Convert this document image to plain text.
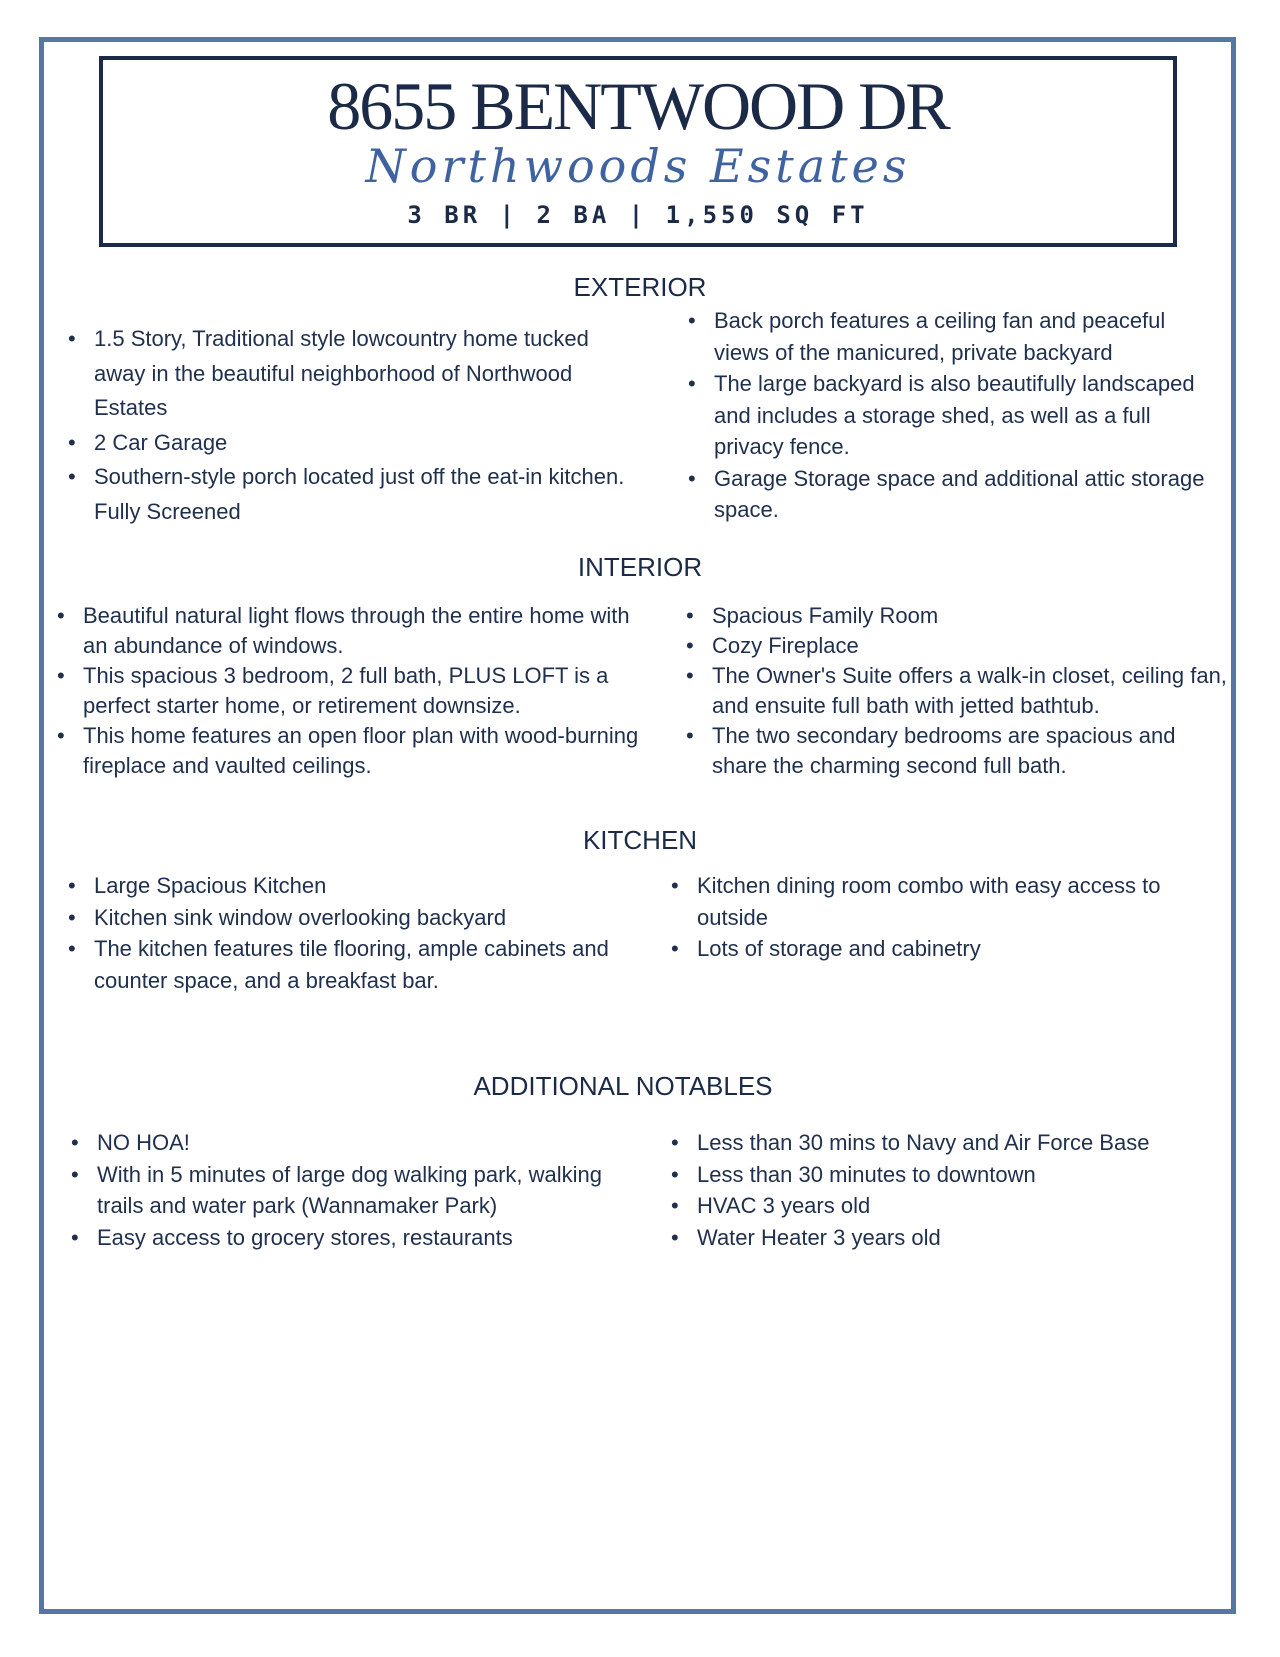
8655 BENTWOOD DR
Northwoods Estates
3 BR | 2 BA | 1,550 SQ FT
EXTERIOR
• 1.5 Story, Traditional style lowcountry home tucked away in the beautiful neighborhood of Northwood Estates
• 2 Car Garage
• Southern-style porch located just off the eat-in kitchen. Fully Screened
• Back porch features a ceiling fan and peaceful views of the manicured, private backyard
• The large backyard is also beautifully landscaped and includes a storage shed, as well as a full privacy fence.
• Garage Storage space and additional attic storage space.
INTERIOR
• Beautiful natural light flows through the entire home with an abundance of windows.
• This spacious 3 bedroom, 2 full bath, PLUS LOFT is a perfect starter home, or retirement downsize.
• This home features an open floor plan with wood-burning fireplace and vaulted ceilings.
• Spacious Family Room
• Cozy Fireplace
• The Owner's Suite offers a walk-in closet, ceiling fan, and ensuite full bath with jetted bathtub.
• The two secondary bedrooms are spacious and share the charming second full bath.
KITCHEN
• Large Spacious Kitchen
• Kitchen sink window overlooking backyard
• The kitchen features tile flooring, ample cabinets and counter space, and a breakfast bar.
• Kitchen dining room combo with easy access to outside
• Lots of storage and cabinetry
ADDITIONAL NOTABLES
• NO HOA!
• With in 5 minutes of large dog walking park, walking trails and water park (Wannamaker Park)
• Easy access to grocery stores, restaurants
• Less than 30 mins to Navy and Air Force Base
• Less than 30 minutes to downtown
• HVAC 3 years old
• Water Heater 3 years old
